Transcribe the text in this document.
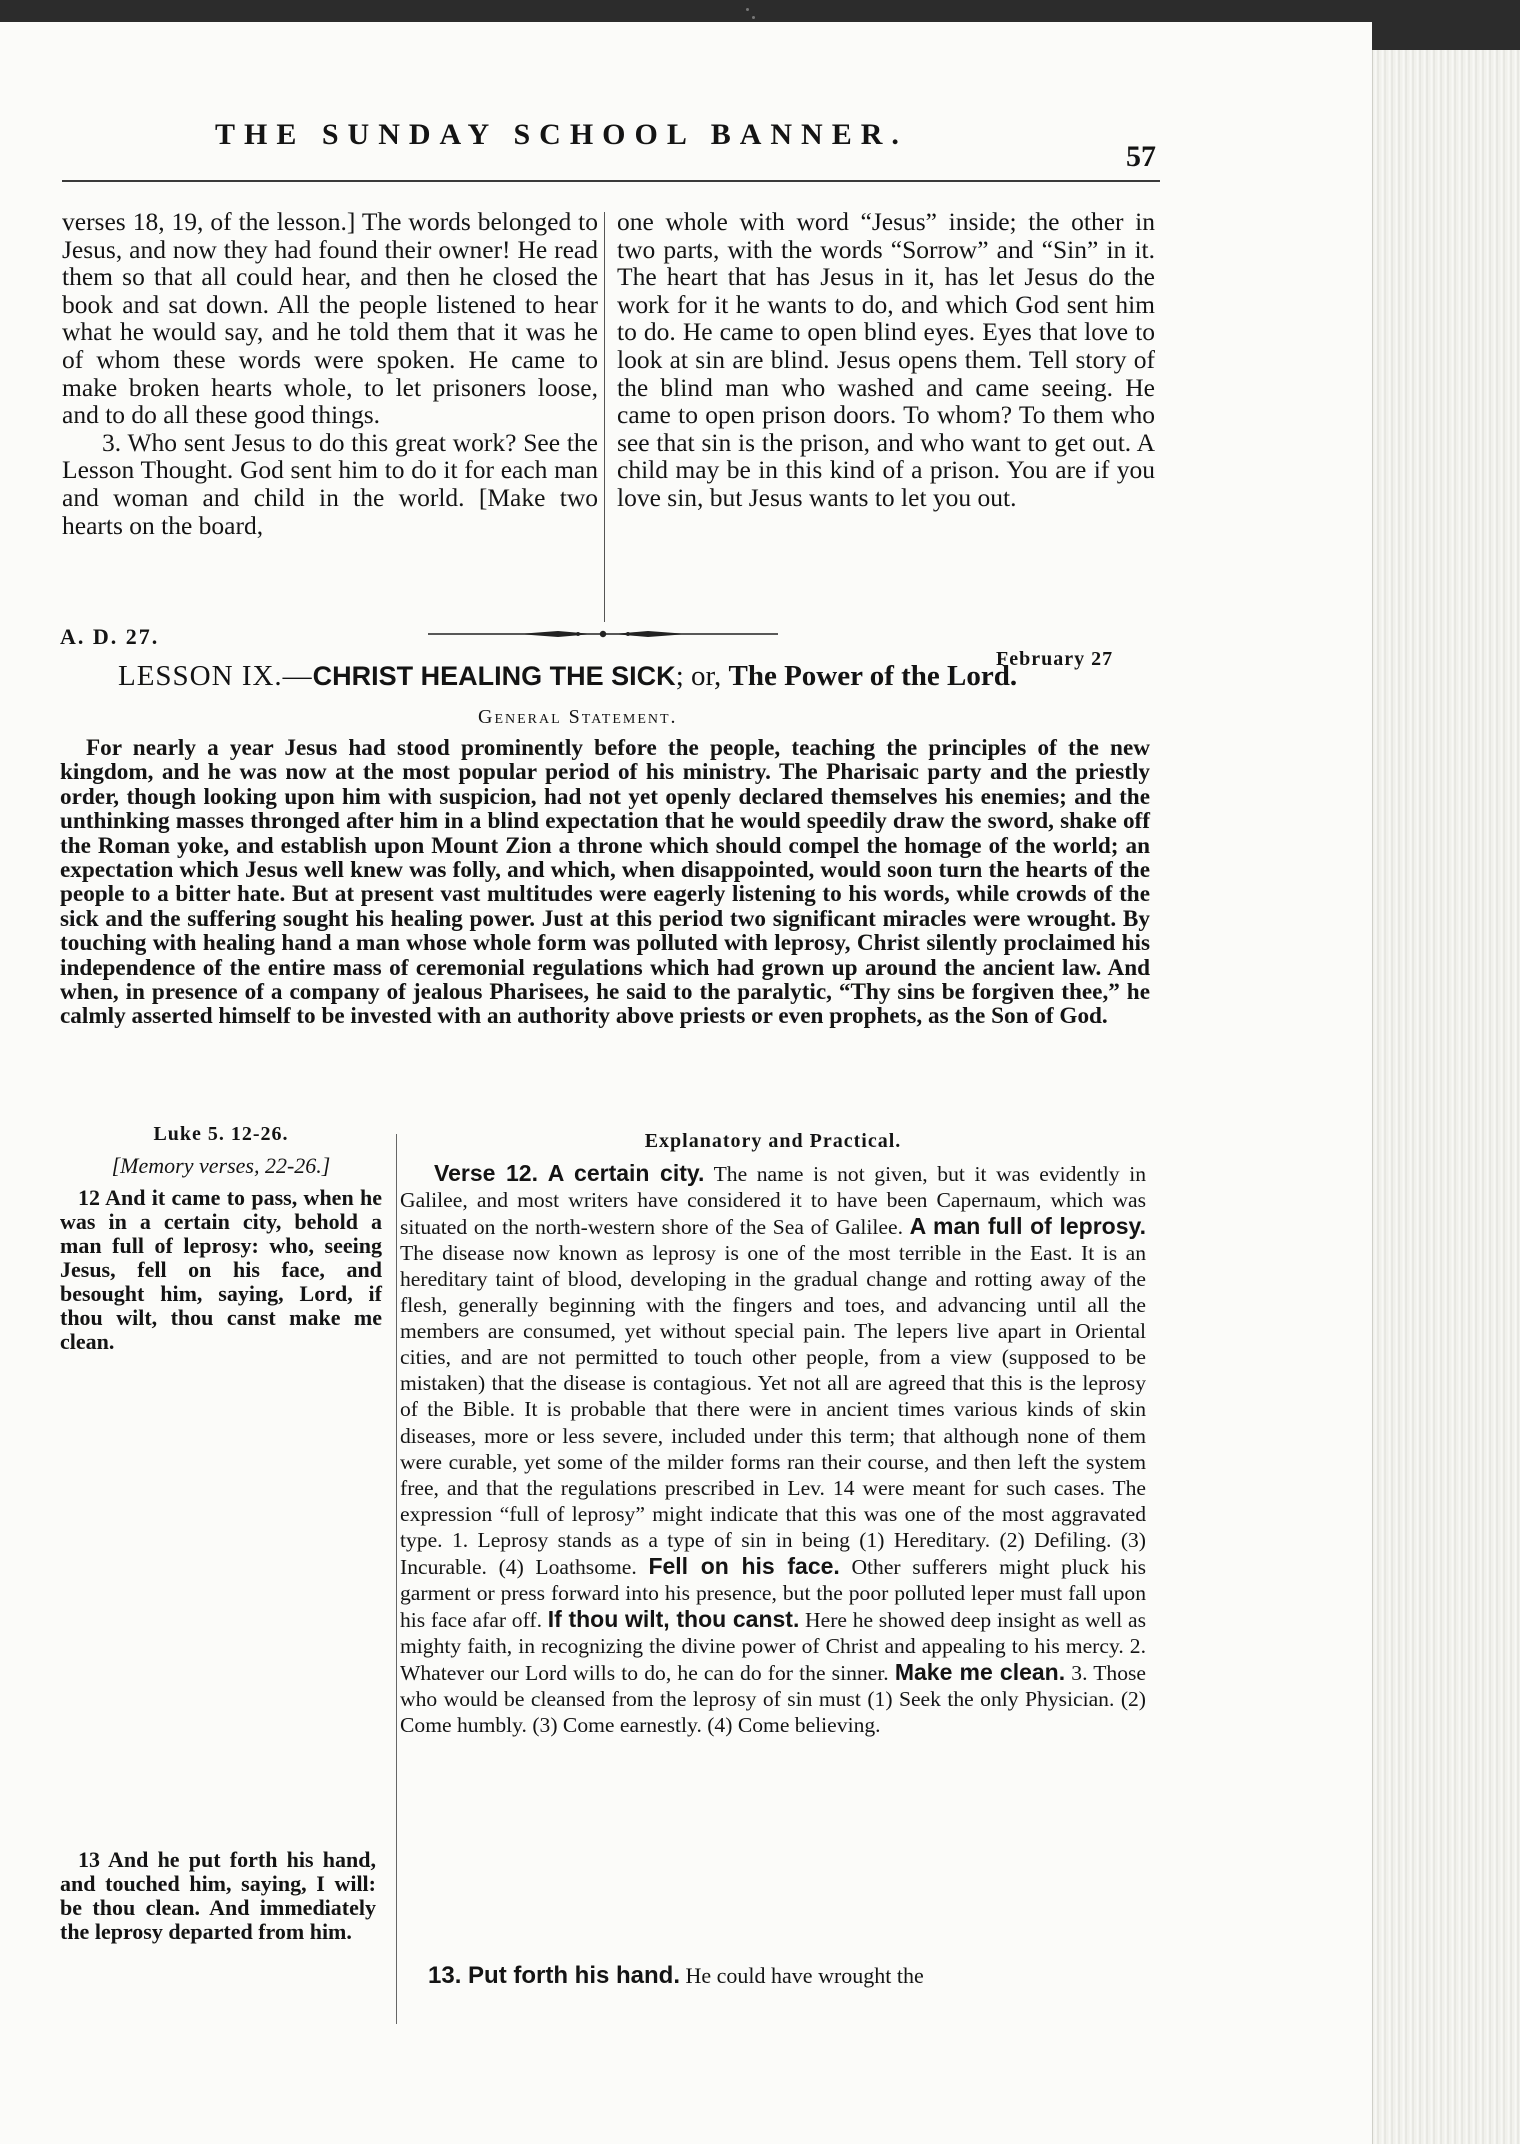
THE SUNDAY SCHOOL BANNER.
57

verses 18, 19, of the lesson.] The words belonged to Jesus, and now they had found their owner! He read them so that all could hear, and then he closed the book and sat down. All the people listened to hear what he would say, and he told them that it was he of whom these words were spoken. He came to make broken hearts whole, to let prisoners loose, and to do all these good things.

3. Who sent Jesus to do this great work? See the Lesson Thought. God sent him to do it for each man and woman and child in the world. [Make two hearts on the board,

one whole with word “Jesus” inside; the other in two parts, with the words “Sorrow” and “Sin” in it. The heart that has Jesus in it, has let Jesus do the work for it he wants to do, and which God sent him to do. He came to open blind eyes. Eyes that love to look at sin are blind. Jesus opens them. Tell story of the blind man who washed and came seeing. He came to open prison doors. To whom? To them who see that sin is the prison, and who want to get out. A child may be in this kind of a prison. You are if you love sin, but Jesus wants to let you out.

A. D. 27.
February 27
LESSON IX.—CHRIST HEALING THE SICK; or, The Power of the Lord.
General Statement.

For nearly a year Jesus had stood prominently before the people, teaching the principles of the new kingdom, and he was now at the most popular period of his ministry. The Pharisaic party and the priestly order, though looking upon him with suspicion, had not yet openly declared themselves his enemies; and the unthinking masses thronged after him in a blind expectation that he would speedily draw the sword, shake off the Roman yoke, and establish upon Mount Zion a throne which should compel the homage of the world; an expectation which Jesus well knew was folly, and which, when disappointed, would soon turn the hearts of the people to a bitter hate. But at present vast multitudes were eagerly listening to his words, while crowds of the sick and the suffering sought his healing power. Just at this period two significant miracles were wrought. By touching with healing hand a man whose whole form was polluted with leprosy, Christ silently proclaimed his independence of the entire mass of ceremonial regulations which had grown up around the ancient law. And when, in presence of a company of jealous Pharisees, he said to the paralytic, “Thy sins be forgiven thee,” he calmly asserted himself to be invested with an authority above priests or even prophets, as the Son of God.

Luke 5. 12-26.

[Memory verses, 22-26.]

12 And it came to pass, when he was in a certain city, behold a man full of leprosy: who, seeing Jesus, fell on his face, and besought him, saying, Lord, if thou wilt, thou canst make me clean.

13 And he put forth his hand, and touched him, saying, I will: be thou clean. And immediately the leprosy departed from him.

Explanatory and Practical.

Verse 12. A certain city. The name is not given, but it was evidently in Galilee, and most writers have considered it to have been Capernaum, which was situated on the north-western shore of the Sea of Galilee. A man full of leprosy. The disease now known as leprosy is one of the most terrible in the East. It is an hereditary taint of blood, developing in the gradual change and rotting away of the flesh, generally beginning with the fingers and toes, and advancing until all the members are consumed, yet without special pain. The lepers live apart in Oriental cities, and are not permitted to touch other people, from a view (supposed to be mistaken) that the disease is contagious. Yet not all are agreed that this is the leprosy of the Bible. It is probable that there were in ancient times various kinds of skin diseases, more or less severe, included under this term; that although none of them were curable, yet some of the milder forms ran their course, and then left the system free, and that the regulations prescribed in Lev. 14 were meant for such cases. The expression “full of leprosy” might indicate that this was one of the most aggravated type. 1. Leprosy stands as a type of sin in being (1) Hereditary. (2) Defiling. (3) Incurable. (4) Loathsome. Fell on his face. Other sufferers might pluck his garment or press forward into his presence, but the poor polluted leper must fall upon his face afar off. If thou wilt, thou canst. Here he showed deep insight as well as mighty faith, in recognizing the divine power of Christ and appealing to his mercy. 2. Whatever our Lord wills to do, he can do for the sinner. Make me clean. 3. Those who would be cleansed from the leprosy of sin must (1) Seek the only Physician. (2) Come humbly. (3) Come earnestly. (4) Come believing.

13. Put forth his hand. He could have wrought the
